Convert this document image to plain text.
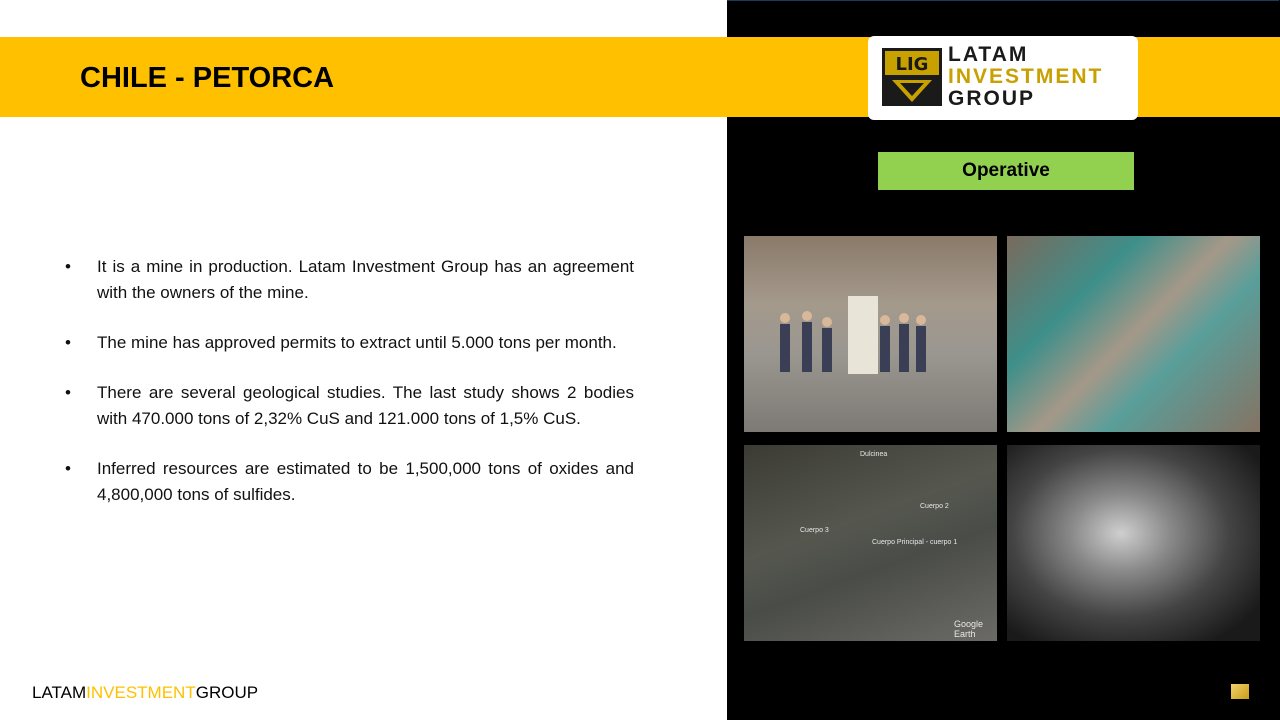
CHILE - PETORCA	LIG LATAM
INVESTMENT
GROUP
Operative
• It is a mine in production. Latam Investment Group has an agreement with the owners of the mine.
• The mine has approved permits to extract until 5.000 tons per month.
• There are several geological studies. The last study shows 2 bodies with 470.000 tons of 2,32% CuS and 121.000 tons of 1,5% CuS.
• Inferred resources are estimated to be 1,500,000 tons of oxides and 4,800,000 tons of sulfides.
Dulcinea
Cuerpo 2
Cuerpo 3
Cuerpo Principal - cuerpo 1
Google Earth
LATAMINVESTMENTGROUP
